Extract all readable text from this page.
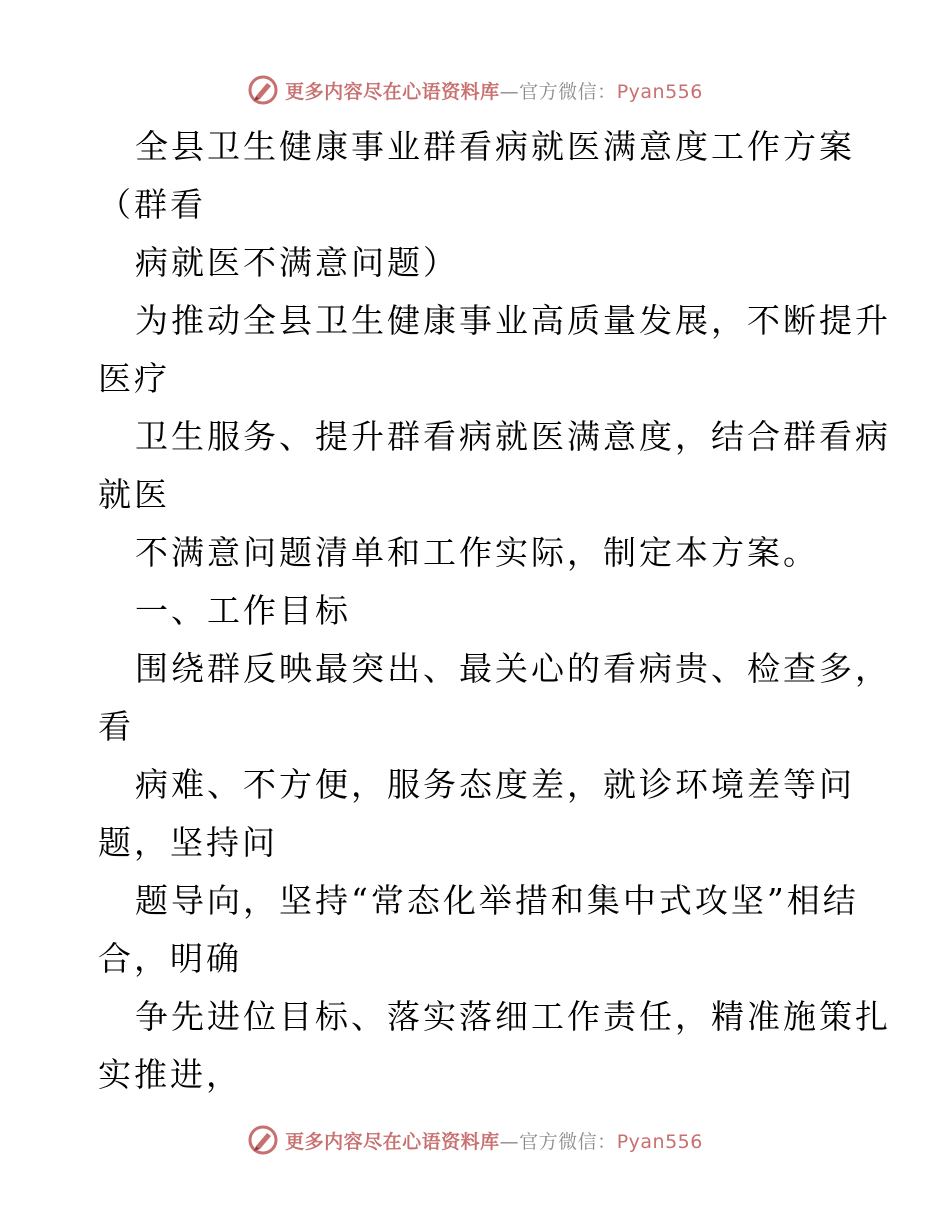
更多内容尽在心语资料库—官方微信：Pyan556
全县卫生健康事业群看病就医满意度工作方案
（群看
病就医不满意问题）
为推动全县卫生健康事业高质量发展，不断提升
医疗
卫生服务、提升群看病就医满意度，结合群看病
就医
不满意问题清单和工作实际，制定本方案。
一、工作目标
围绕群反映最突出、最关心的看病贵、检查多，
看
病难、不方便，服务态度差，就诊环境差等问
题，坚持问
题导向，坚持“常态化举措和集中式攻坚”相结
合，明确
争先进位目标、落实落细工作责任，精准施策扎
实推进，
更多内容尽在心语资料库—官方微信：Pyan556
